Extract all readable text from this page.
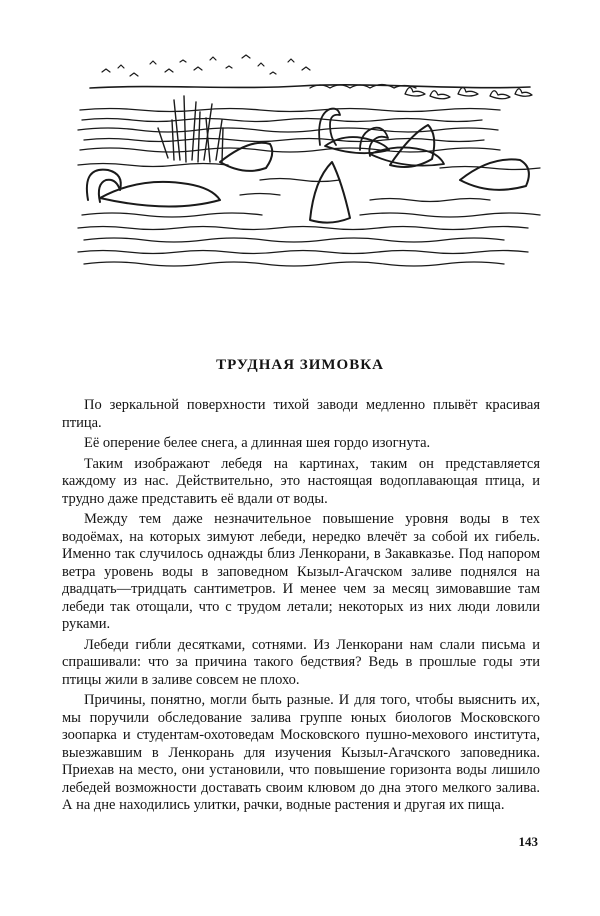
ТРУДНАЯ ЗИМОВКА

По зеркальной поверхности тихой заводи медленно плывёт красивая птица.

Её оперение белее снега, а длинная шея гордо изогнута.

Таким изображают лебедя на картинах, таким он представляется каждому из нас. Действительно, это настоящая водоплавающая птица, и трудно даже представить её вдали от воды.

Между тем даже незначительное повышение уровня воды в тех водоёмах, на которых зимуют лебеди, нередко влечёт за собой их гибель. Именно так случилось однажды близ Ленкорани, в Закавказье. Под напором ветра уровень воды в заповедном Кызыл-Агачском заливе поднялся на двадцать—тридцать сантиметров. И менее чем за месяц зимовавшие там лебеди так отощали, что с трудом летали; некоторых из них люди ловили руками.

Лебеди гибли десятками, сотнями. Из Ленкорани нам слали письма и спрашивали: что за причина такого бедствия? Ведь в прошлые годы эти птицы жили в заливе совсем не плохо.

Причины, понятно, могли быть разные. И для того, чтобы выяснить их, мы поручили обследование залива группе юных биологов Московского зоопарка и студентам-охотоведам Московского пушно-мехового института, выезжавшим в Ленкорань для изучения Кызыл-Агачского заповедника. Приехав на место, они установили, что повышение горизонта воды лишило лебедей возможности доставать своим клювом до дна этого мелкого залива. А на дне находились улитки, рачки, водные растения и другая их пища.

143
